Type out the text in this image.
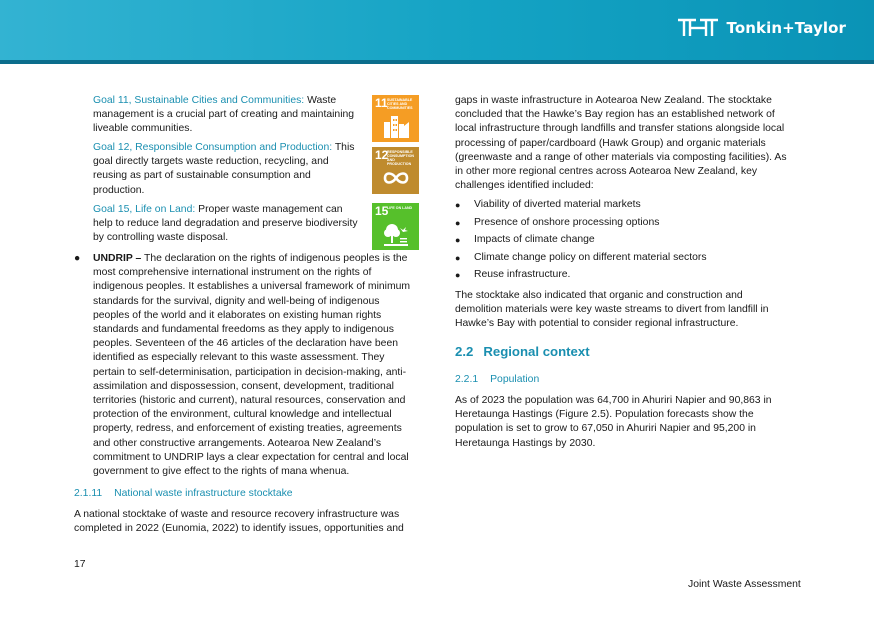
Tonkin+Taylor

Goal 11, Sustainable Cities and Communities: Waste management is a crucial part of creating and maintaining liveable communities.

11 SUSTAINABLE CITIES AND COMMUNITIES

Goal 12, Responsible Consumption and Production: This goal directly targets waste reduction, recycling, and reusing as part of sustainable consumption and production.

12
RESPONSIBLE CONSUMPTION AND PRODUCTION

Goal 15, Life on Land: Proper waste management can help to reduce land degradation and preserve biodiversity by controlling waste disposal.

15
LIFE ON LAND
● UNDRIP – The declaration on the rights of indigenous peoples is the
most comprehensive international instrument on the rights of
indigenous peoples. It establishes a universal framework of minimum
standards for the survival, dignity and well-being of indigenous
peoples of the world and it elaborates on existing human rights
standards and fundamental freedoms as they apply to indigenous
peoples. Seventeen of the 46 articles of the declaration have been
identified as especially relevant to this waste assessment. They
pertain to self-determinisation, participation in decision-making, anti-
assimilation and dispossession, consent, development, traditional
territories (historic and current), natural resources, conservation and
protection of the environment, cultural knowledge and intellectual
property, redress, and enforcement of existing treaties, agreements
and other constructive arrangements. Aotearoa New Zealand’s
commitment to UNDRIP lays a clear expectation for central and local
government to give effect to the rights of mana whenua.
2.1.11 National waste infrastructure stocktake
A national stocktake of waste and resource recovery infrastructure was
completed in 2022 (Eunomia, 2022) to identify issues, opportunities and
gaps in waste infrastructure in Aotearoa New Zealand. The stocktake
concluded that the Hawke’s Bay region has an established network of
local infrastructure through landfills and transfer stations alongside local
processing of paper/cardboard (Hawk Group) and organic materials
(greenwaste and a range of other materials via composting facilities). As
in other more regional centres across Aotearoa New Zealand, key
challenges identified included:
● Viability of diverted material markets
● Presence of onshore processing options
● Impacts of climate change
● Climate change policy on different material sectors
● Reuse infrastructure.
The stocktake also indicated that organic and construction and
demolition materials were key waste streams to divert from landfill in
Hawke’s Bay with potential to consider regional infrastructure.
2.2 Regional context
2.2.1 Population
As of 2023 the population was 64,700 in Ahuriri Napier and 90,863 in
Heretaunga Hastings (Figure 2.5). Population forecasts show the
population is set to grow to 67,050 in Ahuriri Napier and 95,200 in
Heretaunga Hastings by 2030.
17
Joint Waste Assessment
